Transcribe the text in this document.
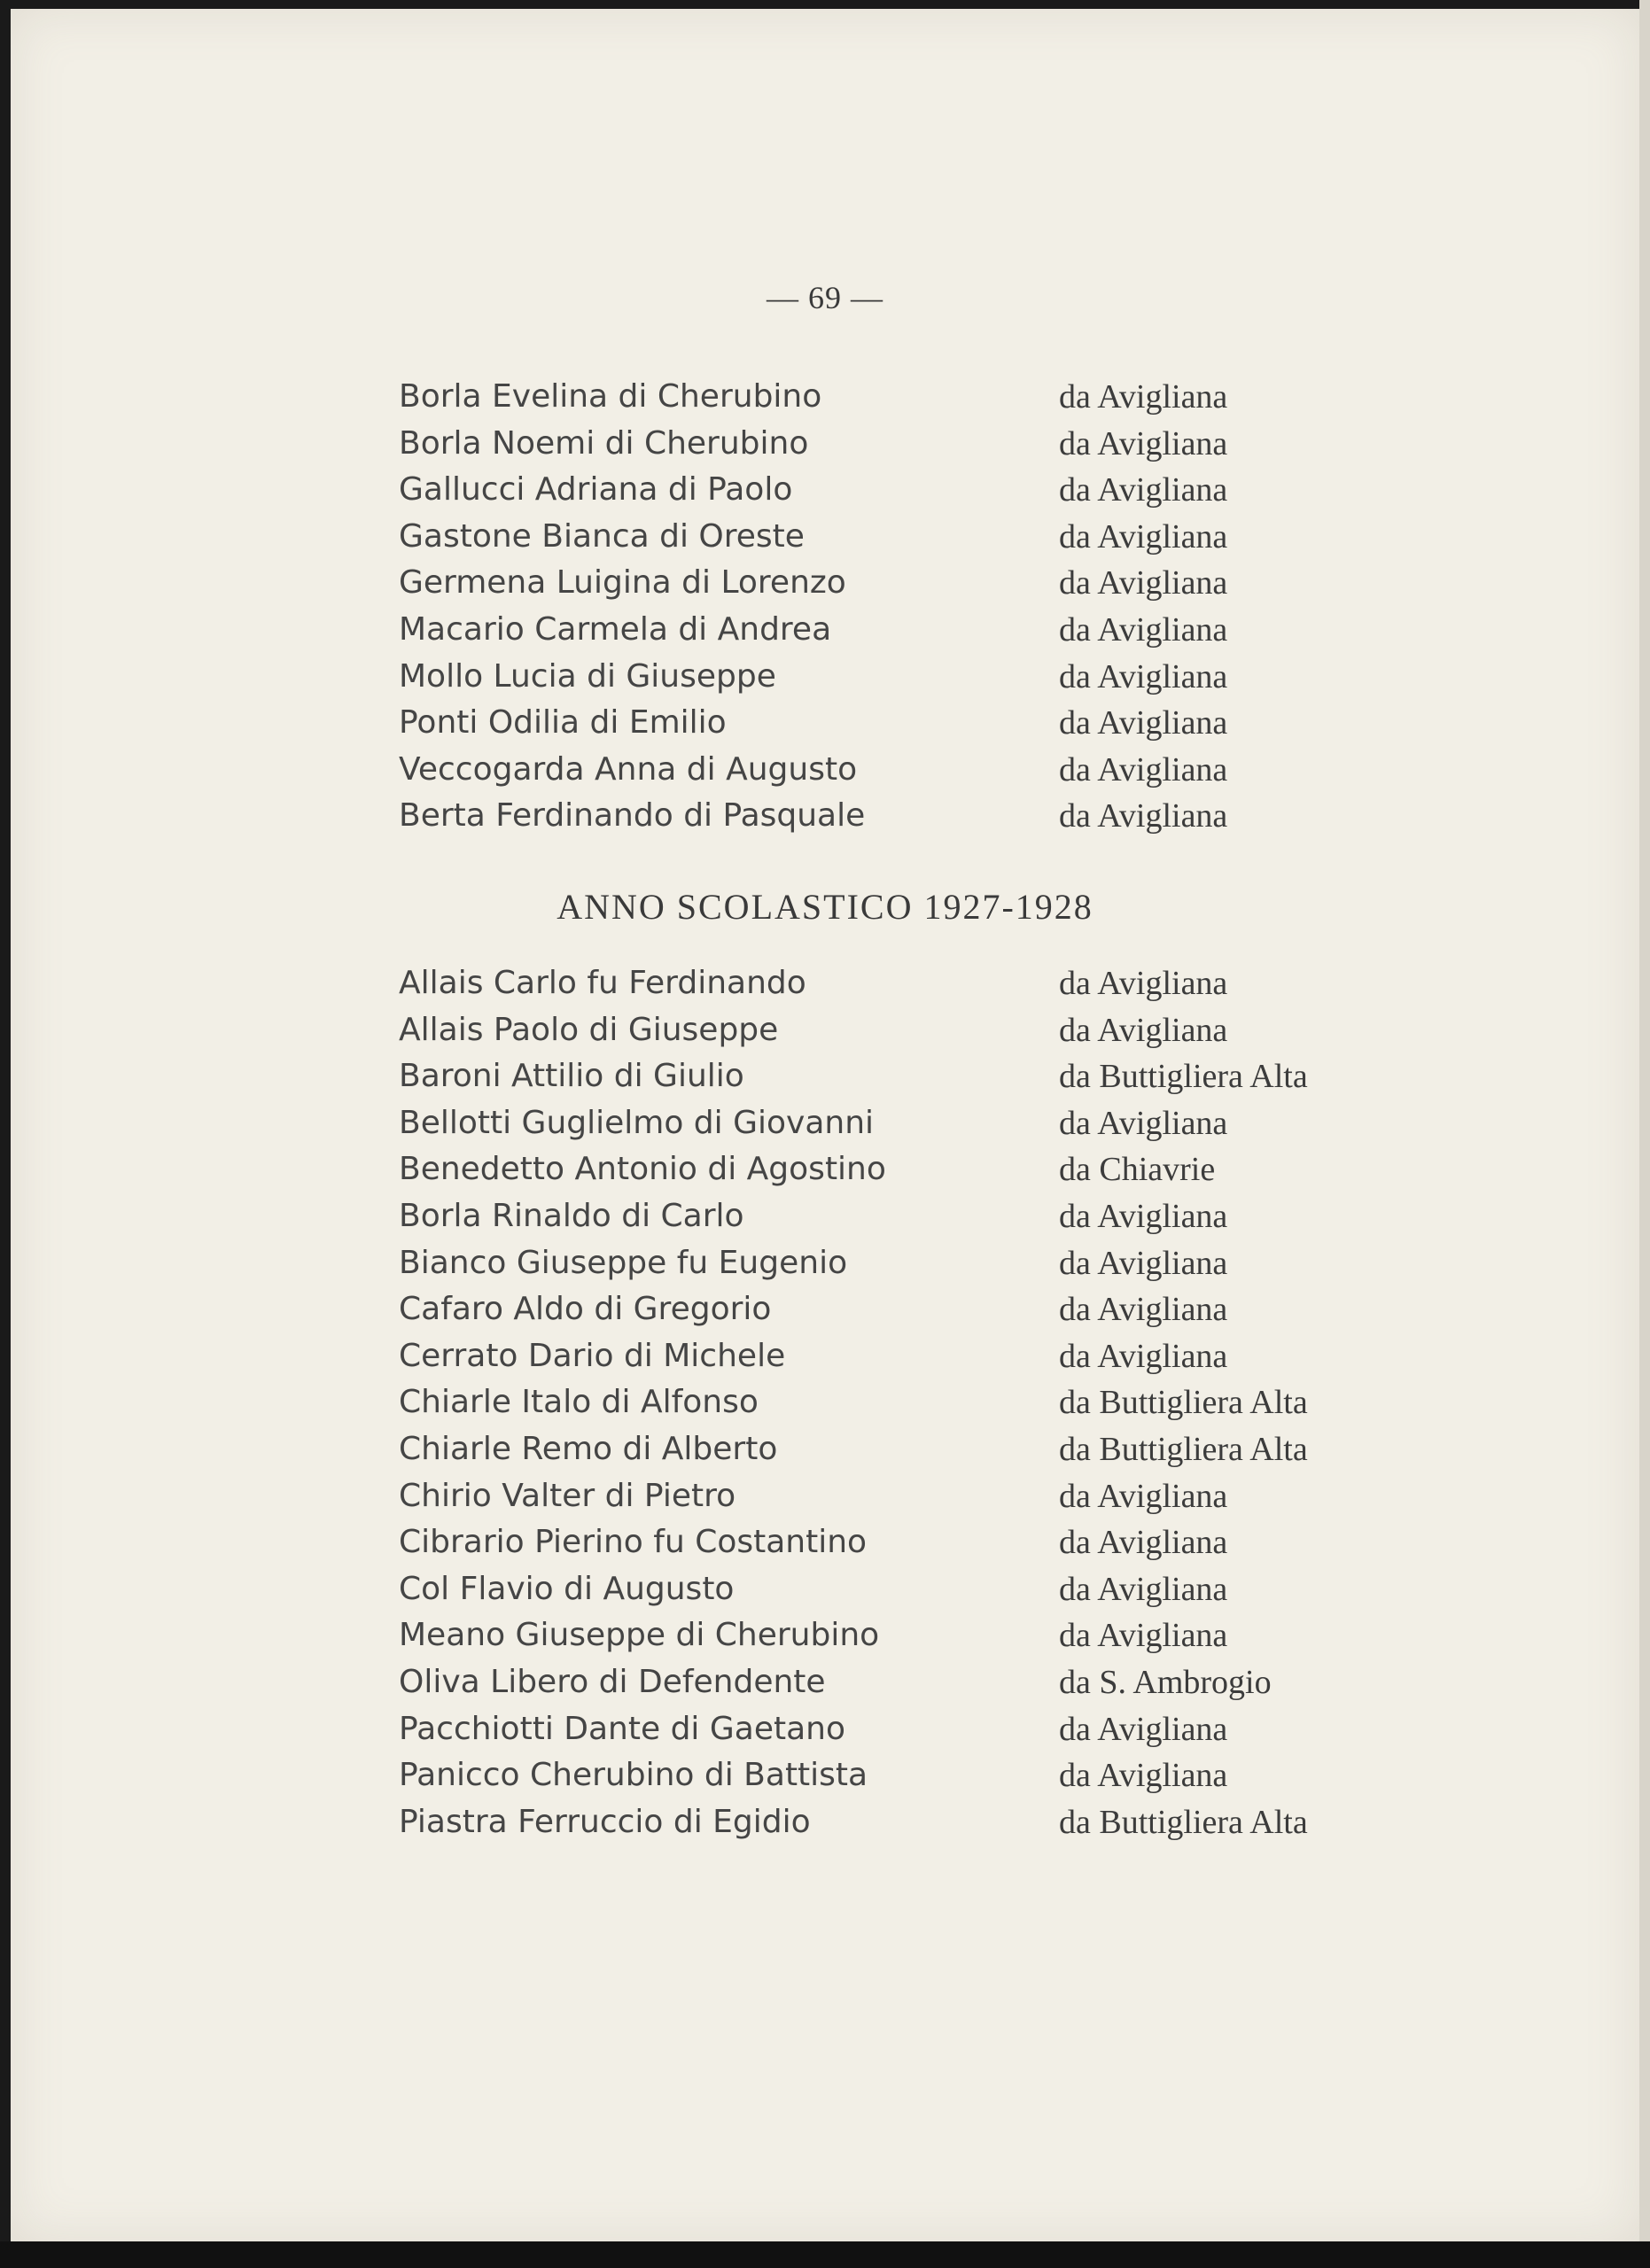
— 69 —
Borla Evelina di Cherubino	da Avigliana
Borla Noemi di Cherubino	da Avigliana
Gallucci Adriana di Paolo	da Avigliana
Gastone Bianca di Oreste	da Avigliana
Germena Luigina di Lorenzo	da Avigliana
Macario Carmela di Andrea	da Avigliana
Mollo Lucia di Giuseppe	da Avigliana
Ponti Odilia di Emilio	da Avigliana
Veccogarda Anna di Augusto	da Avigliana
Berta Ferdinando di Pasquale	da Avigliana
ANNO SCOLASTICO 1927-1928
Allais Carlo fu Ferdinando	da Avigliana
Allais Paolo di Giuseppe	da Avigliana
Baroni Attilio di Giulio	da Buttigliera Alta
Bellotti Guglielmo di Giovanni	da Avigliana
Benedetto Antonio di Agostino	da Chiavrie
Borla Rinaldo di Carlo	da Avigliana
Bianco Giuseppe fu Eugenio	da Avigliana
Cafaro Aldo di Gregorio	da Avigliana
Cerrato Dario di Michele	da Avigliana
Chiarle Italo di Alfonso	da Buttigliera Alta
Chiarle Remo di Alberto	da Buttigliera Alta
Chirio Valter di Pietro	da Avigliana
Cibrario Pierino fu Costantino	da Avigliana
Col Flavio di Augusto	da Avigliana
Meano Giuseppe di Cherubino	da Avigliana
Oliva Libero di Defendente	da S. Ambrogio
Pacchiotti Dante di Gaetano	da Avigliana
Panicco Cherubino di Battista	da Avigliana
Piastra Ferruccio di Egidio	da Buttigliera Alta
